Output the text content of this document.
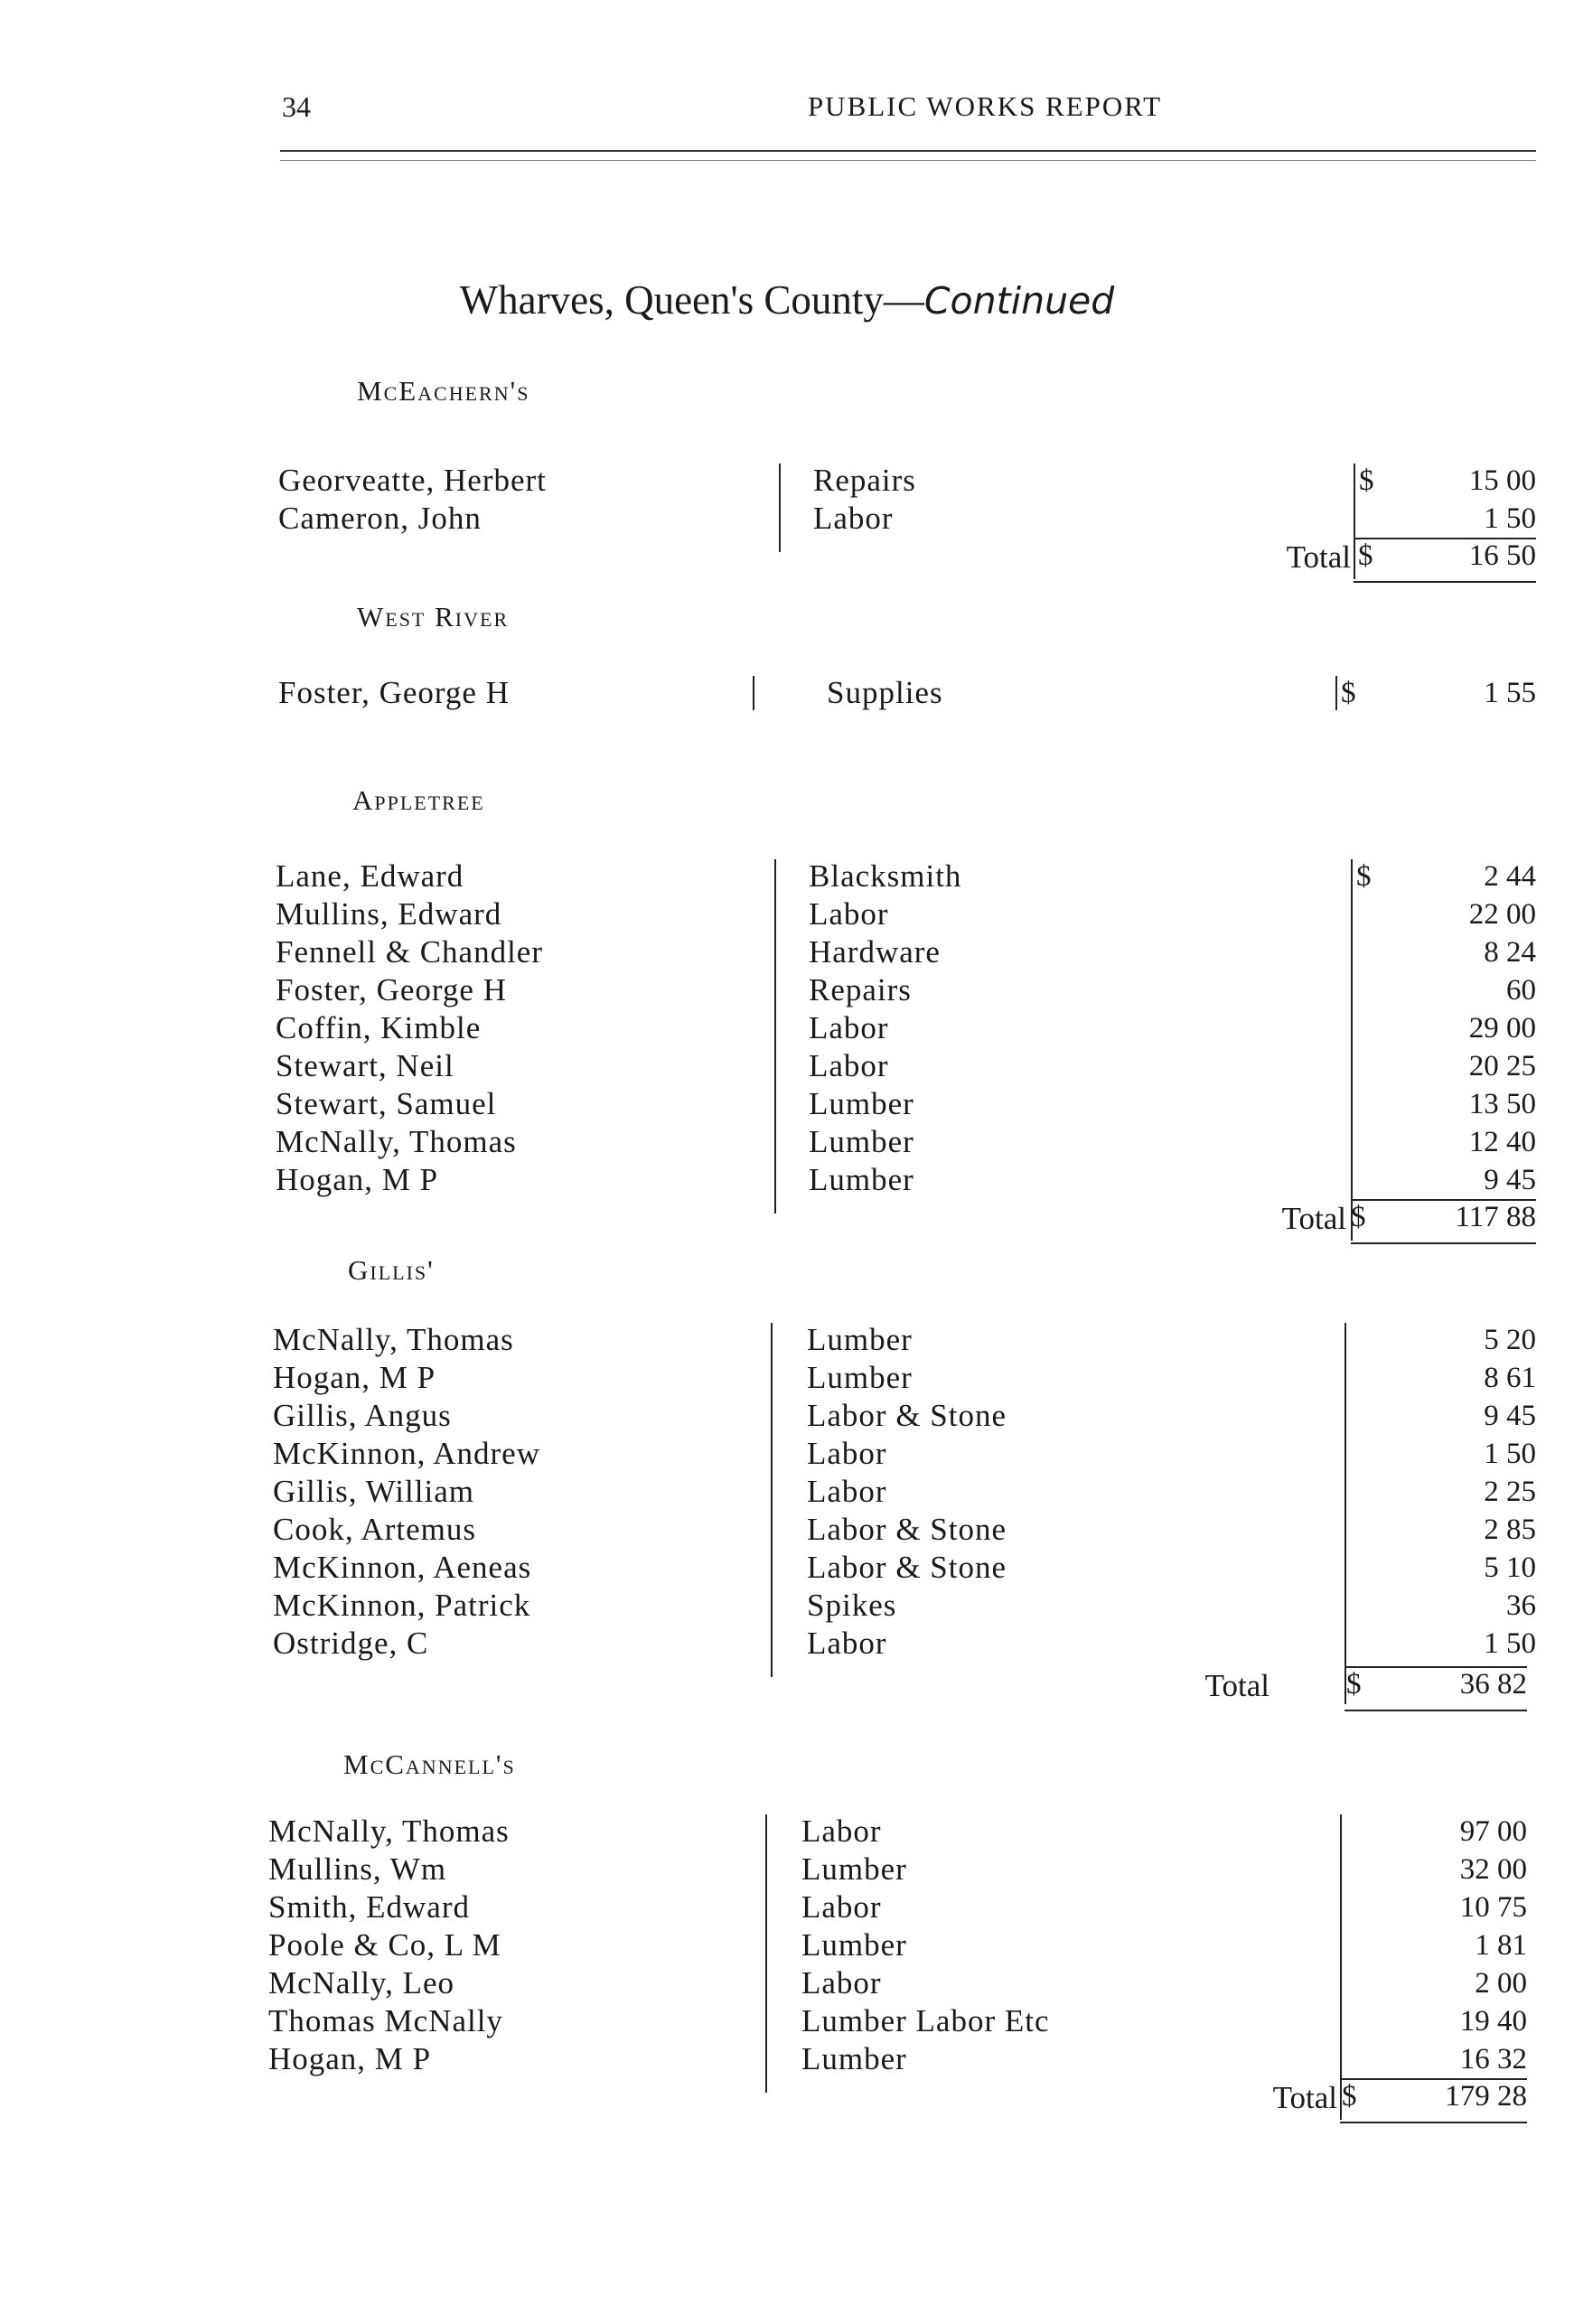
34	PUBLIC WORKS REPORT
Wharves, Queen's County—Continued
McEachern's
Georveatte, Herbert	Repairs	15 00
$
Cameron, John	Labor	1 50
Total $	16 50
West River
Foster, George H	Supplies	1 55
$
Appletree
Lane, Edward	Blacksmith	2 44
$
Mullins, Edward	Labor	22 00
Fennell & Chandler	Hardware	8 24
Foster, George H	Repairs	60
Coffin, Kimble	Labor	29 00
Stewart, Neil	Labor	20 25
Stewart, Samuel	Lumber	13 50
McNally, Thomas	Lumber	12 40
Hogan, M P	Lumber	9 45
Total $	117 88
Gillis'
McNally, Thomas	Lumber	5 20
Hogan, M P	Lumber	8 61
Gillis, Angus	Labor & Stone	9 45
McKinnon, Andrew	Labor	1 50
Gillis, William	Labor	2 25
Cook, Artemus	Labor & Stone	2 85
McKinnon, Aeneas	Labor & Stone	5 10
McKinnon, Patrick	Spikes	36
Ostridge, C	Labor	1 50
Total	$	36 82
McCannell's
McNally, Thomas	Labor	97 00
Mullins, Wm	Lumber	32 00
Smith, Edward	Labor	10 75
Poole & Co, L M	Lumber	1 81
McNally, Leo	Labor	2 00
Thomas McNally	Lumber Labor Etc	19 40
Hogan, M P	Lumber	16 32
Total $	179 28
